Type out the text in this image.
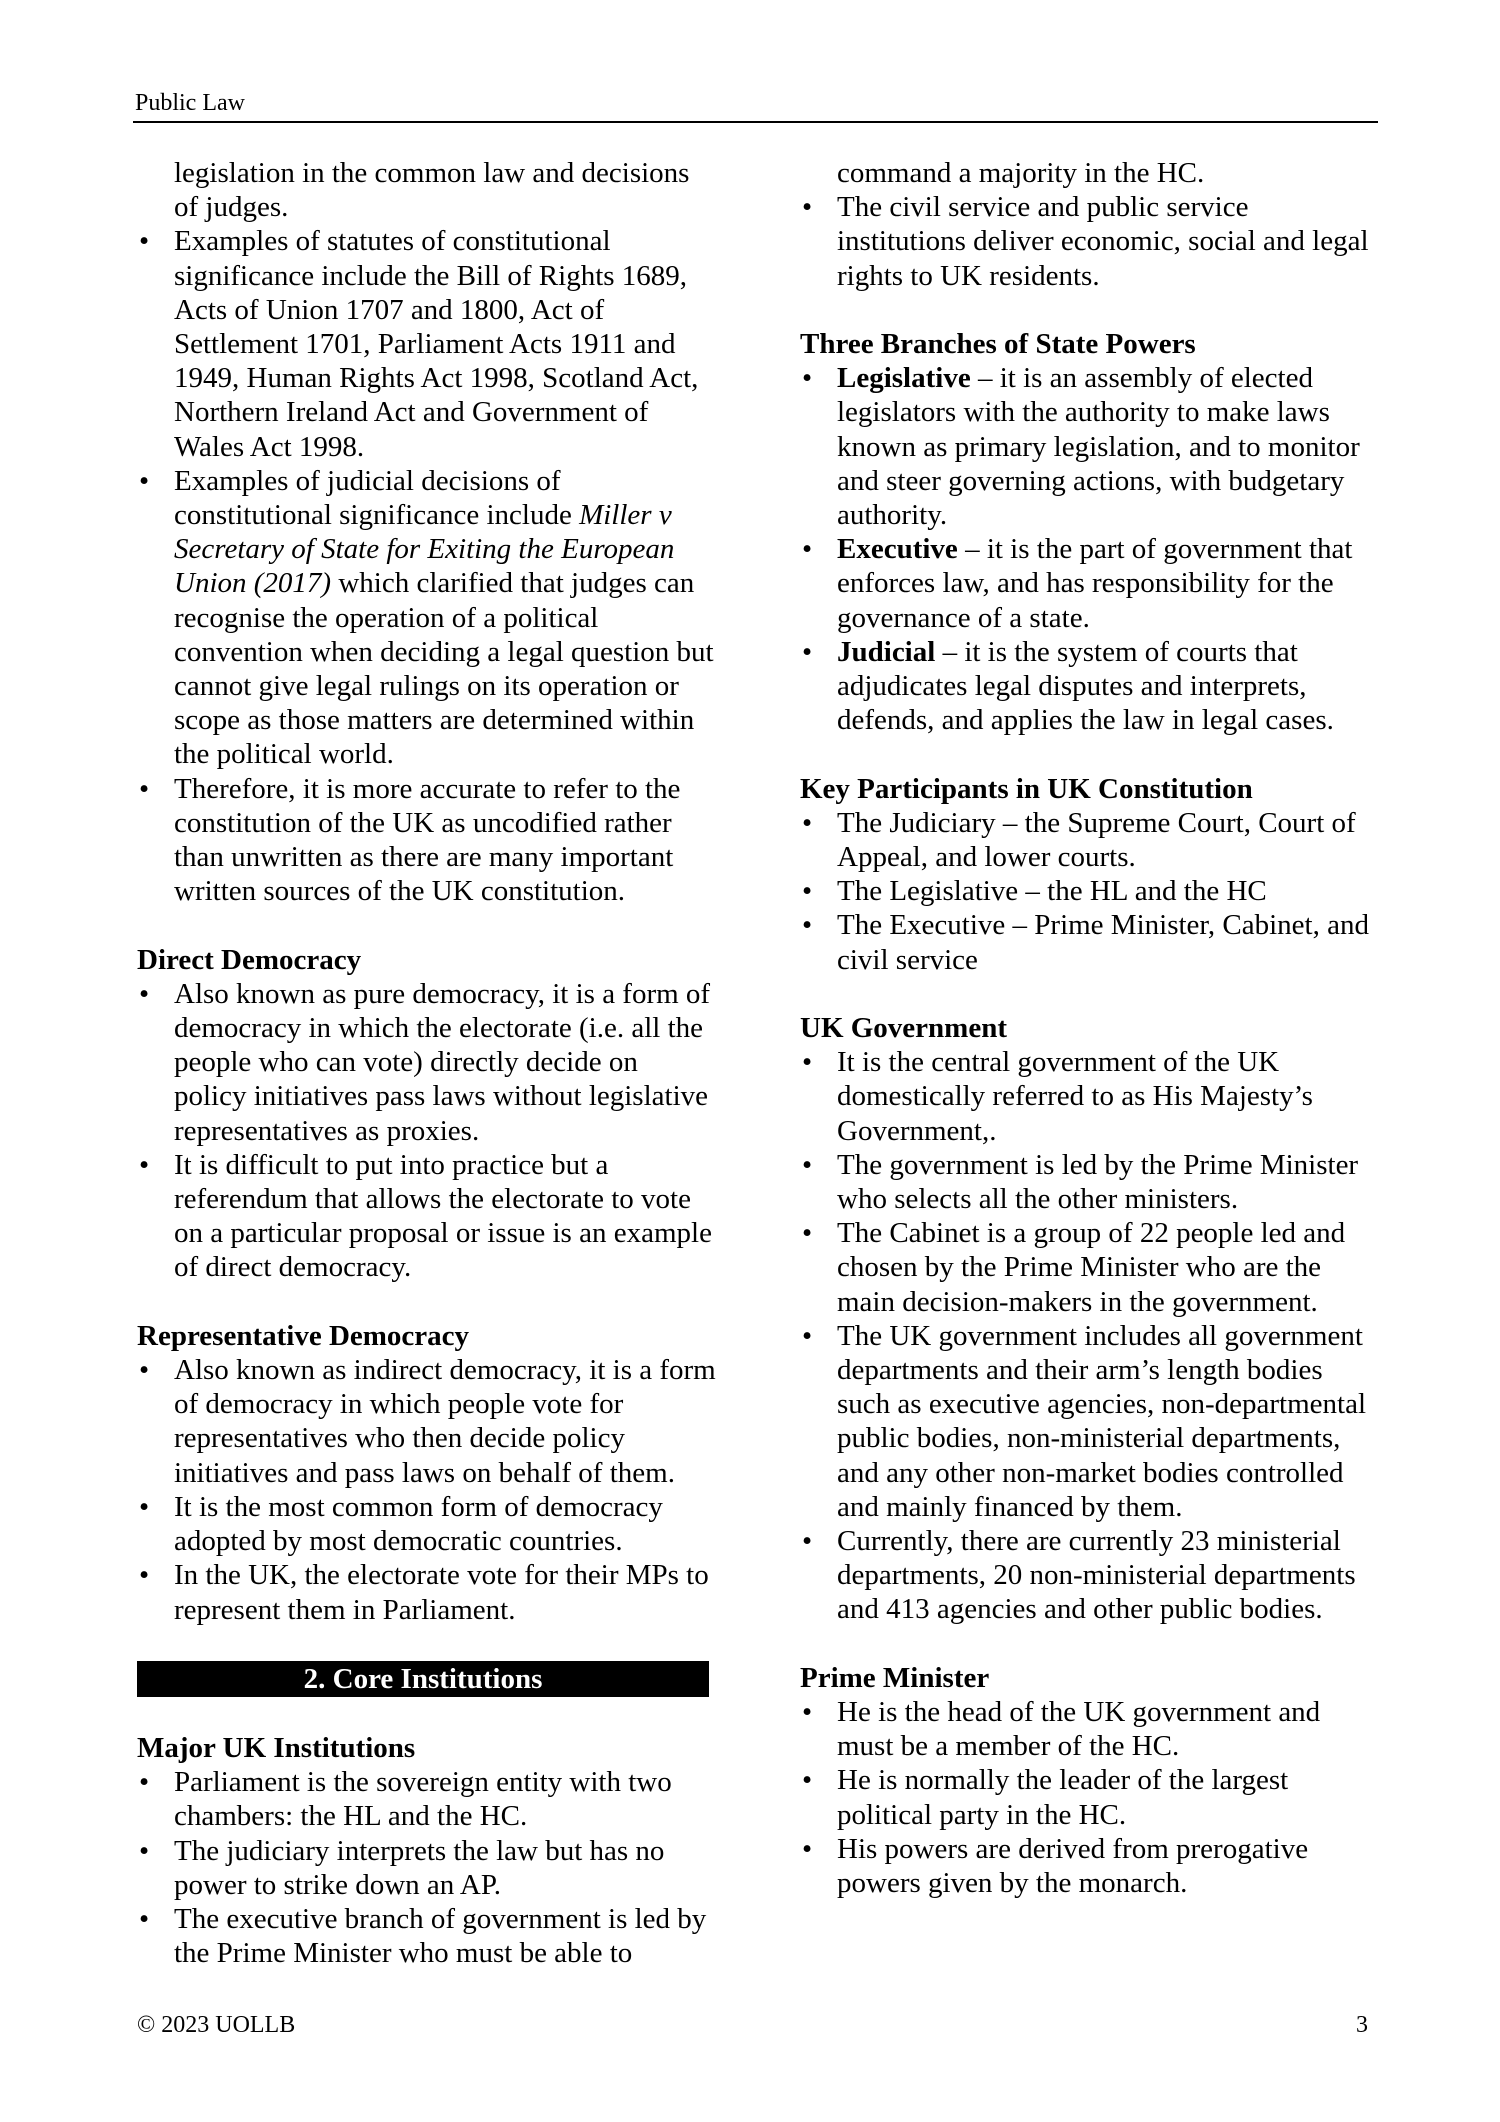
Public Law

legislation in the common law and decisions of judges.

• Examples of statutes of constitutional significance include the Bill of Rights 1689, Acts of Union 1707 and 1800, Act of Settlement 1701, Parliament Acts 1911 and 1949, Human Rights Act 1998, Scotland Act, Northern Ireland Act and Government of Wales Act 1998.

• Examples of judicial decisions of constitutional significance include Miller v Secretary of State for Exiting the European Union (2017) which clarified that judges can recognise the operation of a political convention when deciding a legal question but cannot give legal rulings on its operation or scope as those matters are determined within the political world.

• Therefore, it is more accurate to refer to the constitution of the UK as uncodified rather than unwritten as there are many important written sources of the UK constitution.

Direct Democracy

• Also known as pure democracy, it is a form of democracy in which the electorate (i.e. all the people who can vote) directly decide on policy initiatives pass laws without legislative representatives as proxies.

• It is difficult to put into practice but a referendum that allows the electorate to vote on a particular proposal or issue is an example of direct democracy.

Representative Democracy

• Also known as indirect democracy, it is a form of democracy in which people vote for representatives who then decide policy initiatives and pass laws on behalf of them.

• It is the most common form of democracy adopted by most democratic countries.

• In the UK, the electorate vote for their MPs to represent them in Parliament.

2. Core Institutions

Major UK Institutions

• Parliament is the sovereign entity with two chambers: the HL and the HC.

• The judiciary interprets the law but has no power to strike down an AP.

• The executive branch of government is led by the Prime Minister who must be able to

command a majority in the HC.

• The civil service and public service institutions deliver economic, social and legal rights to UK residents.

Three Branches of State Powers

• Legislative – it is an assembly of elected legislators with the authority to make laws known as primary legislation, and to monitor and steer governing actions, with budgetary authority.

• Executive – it is the part of government that enforces law, and has responsibility for the governance of a state.

• Judicial – it is the system of courts that adjudicates legal disputes and interprets, defends, and applies the law in legal cases.

Key Participants in UK Constitution

• The Judiciary – the Supreme Court, Court of Appeal, and lower courts.

• The Legislative – the HL and the HC

• The Executive – Prime Minister, Cabinet, and civil service

UK Government

• It is the central government of the UK domestically referred to as His Majesty’s Government,.

• The government is led by the Prime Minister who selects all the other ministers.

• The Cabinet is a group of 22 people led and chosen by the Prime Minister who are the main decision-makers in the government.

• The UK government includes all government departments and their arm’s length bodies such as executive agencies, non-departmental public bodies, non-ministerial departments, and any other non-market bodies controlled and mainly financed by them.

• Currently, there are currently 23 ministerial departments, 20 non-ministerial departments and 413 agencies and other public bodies.

Prime Minister

• He is the head of the UK government and must be a member of the HC.

• He is normally the leader of the largest political party in the HC.

• His powers are derived from prerogative powers given by the monarch.

© 2023 UOLLB	3
